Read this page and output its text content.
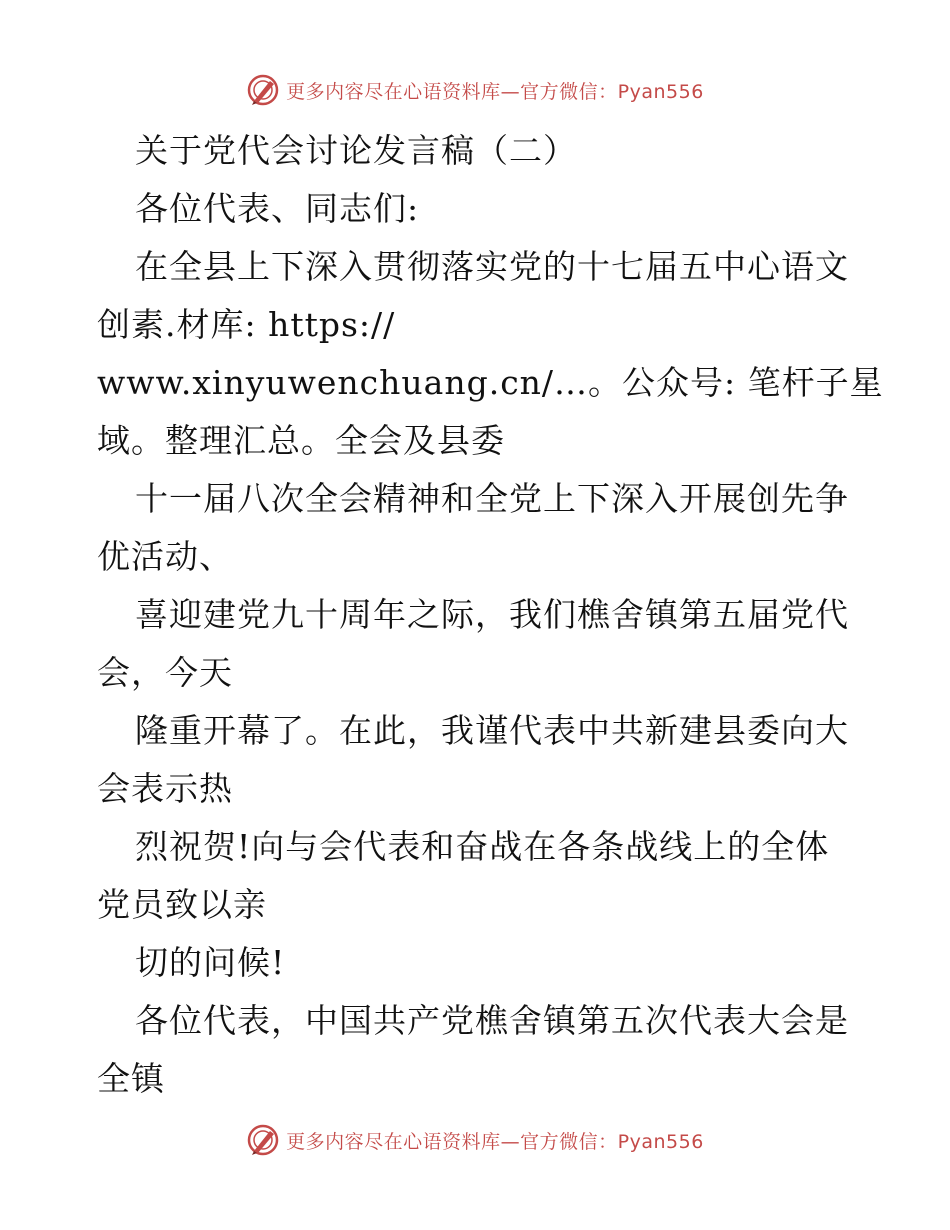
更多内容尽在心语资料库—官方微信：Pyan556
关于党代会讨论发言稿（二）
各位代表、同志们:
在全县上下深入贯彻落实党的十七届五中心语文
创素.材库: https://
www.xinyuwenchuang.cn/…。公众号: 笔杆子星
域。整理汇总。全会及县委
十一届八次全会精神和全党上下深入开展创先争
优活动、
喜迎建党九十周年之际，我们樵舍镇第五届党代
会，今天
隆重开幕了。在此，我谨代表中共新建县委向大
会表示热
烈祝贺!向与会代表和奋战在各条战线上的全体
党员致以亲
切的问候!
各位代表，中国共产党樵舍镇第五次代表大会是
全镇
更多内容尽在心语资料库—官方微信：Pyan556
